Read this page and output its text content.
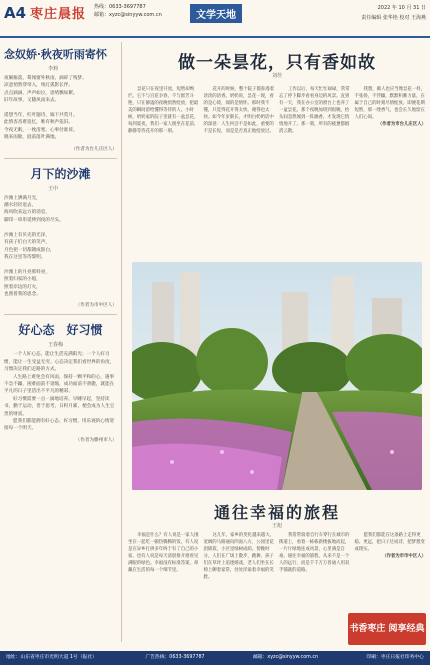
A4 枣庄晨报 热线：0633-3697787
邮箱：xyzc@sinyyw.com.cn	文学天地
2022 年 10 月 31 日
责任编辑 张华艳 校对 王海燕
念奴娇·秋夜听雨寄怀
李莉
夜阑雁落，蓦闻窗外秋雨，滴碎了残梦。
凉意悄然穿帘入，残灯孤影长伴。
点点滴滴，声声如泣，思绪飘如絮。
旧年故事，又随风雨来去。

遥想当年，红叶题诗，廊下共赏月。
此情杳杳难追忆，唯有秋声依旧。
今夜无眠，一枕清寒，心事付谁诉。
晓来雨歇，庭前落叶满地。
（作者为台儿庄区人）
月下的沙滩
王中
沙滩上洒满月光，
潮水轻轻退去，
海风吹来远方的消息，
脚印一串串延伸到夜的尽头。

沙滩上有贝壳的光泽，
有孩子们白天的笑声，
月色把一切都镀成银白，
我在这里等待黎明。

沙滩上的月亮那样亮，
照着归家的小船，
照着岸边的灯火，
也照着我的思念。
（作者为市中区人）
好心态　好习惯
王春梅
一个人好心态，能让生活充满阳光；一个人好习惯，能让一生受益无穷。心态决定我们看世界的角度，习惯决定我们走路的方式。
人生路上难免会有风雨，保持一颗平和的心，遇事不急不躁，困难面前不退缩，成功面前不骄傲，就能在平凡的日子里活出不平凡的精彩。
好习惯需要一点一滴地培养。早睡早起，坚持读书，勤于运动，善于思考，日积月累，便会成为人生宝贵的财富。
愿我们都能拥有好心态、好习惯，用乐观的心情迎接每一个明天。
（作者为滕州市人）
做一朵昙花，只有香如故
刘佳
昙花只在夜里开放，短暂却绚烂。它不与百花争春，不与群芳斗艳，只在静谧的夜晚悄然绽放，把最美的瞬间留给懂得等待的人。小时候，奶奶家的院子里就有一盆昙花，每到夏夜，我们一家人围坐在花前，静静等待花开的那一刻。
花开的时候，整个院子都弥漫着淡淡的清香。奶奶说，昙花一现，看的是心境，闻的是情怀。那时我不懂，只觉得花开得太快，谢得也太快。如今年岁渐长，才明白奶奶话中的深意：人生何尝不是如此，重要的不是长短，而是是否真正地绽放过。
工作以后，每天忙忙碌碌，常常忘了停下脚步看看身边的风景。直到有一天，我在办公室的窗台上也养了一盆昙花。那个夜晚加班到很晚，抬头间忽然闻到一阵幽香，才发现它悄悄地开了。那一刻，所有的疲惫都烟消云散。
我想，做人也应当像昙花一样，不张扬，不浮躁，默默积蓄力量，在属于自己的时刻尽情绽放。即便花期短暂，那一缕香气，也会长久地留在人们心间。
（作者为市台儿庄区人）
通往幸福的旅程
王旭
幸福是什么？有人说是一家人围坐在一起吃一顿热腾腾的饭，有人说是在异乡打拼多年终于有了自己的小家，也有人说是每天清晨推开窗看见满眼的绿色。幸福没有标准答案，却藏在生活的每一个细节里。
这几年，家乡的变化越来越大。宽阔的马路通向四面八方，公园里花团锦簇，小区里绿树成荫。傍晚时分，人们在广场上散步、跳舞，孩子们在草坪上追逐嬉戏，老人们坐在长椅上聊着家常，处处洋溢着幸福的笑脸。
我常常骑着自行车穿行在城市的街道上，看着一栋栋新楼拔地而起，一片片绿地连成风景，心里满是自豪。通往幸福的旅程，从来不是一个人的远行，而是千千万万普通人用双手铺就的道路。
愿我们都能在这条路上走得更稳、更远，把日子过成诗，把梦想变成现实。
（作者为市市中区人）
书香枣庄 阅享经典
地址：山东省枣庄市光明大道 1号（报社）	广告热线：0633-3697787	邮箱：xyzc@sinyyw.com.cn	印刷：枣庄日报社印务中心
